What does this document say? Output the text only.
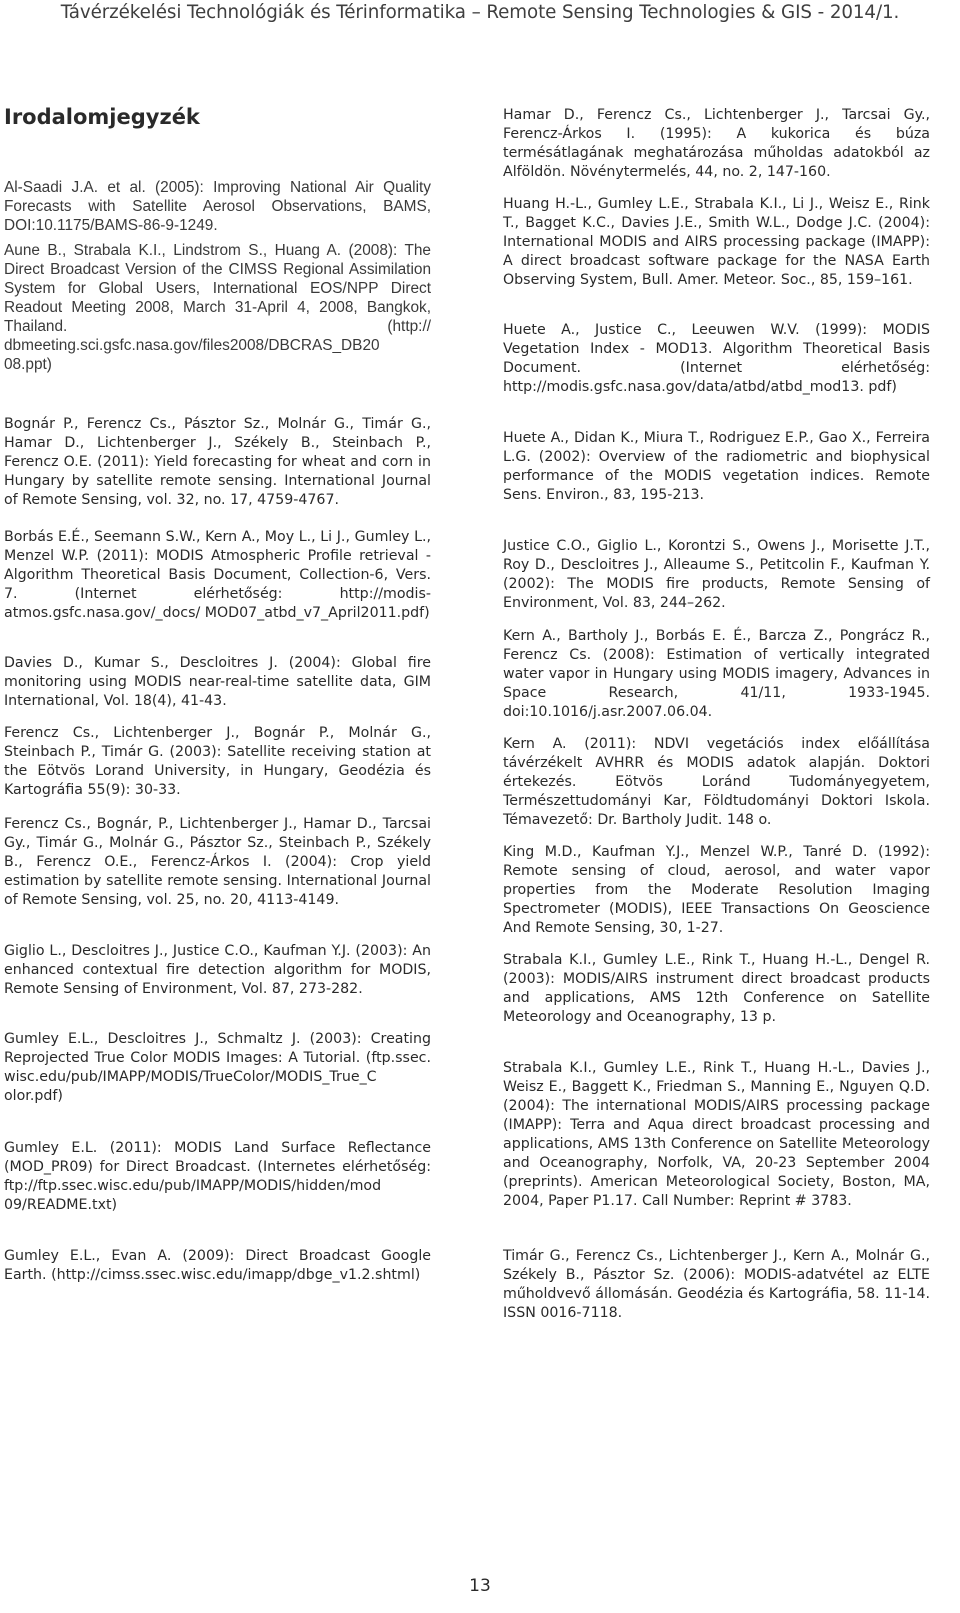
Távérzékelési Technológiák és Térinformatika – Remote Sensing Technologies & GIS - 2014/1.
Irodalomjegyzék

Al-Saadi J.A. et al. (2005): Improving National Air Quality Forecasts with Satellite Aerosol Observations, BAMS, DOI:10.1175/BAMS-86-9-1249.

Aune B., Strabala K.I., Lindstrom S., Huang A. (2008): The Direct Broadcast Version of the CIMSS Regional Assimilation System for Global Users, International EOS/NPP Direct Readout Meeting 2008, March 31-April 4, 2008, Bangkok, Thailand. (http:// dbmeeting.sci.gsfc.nasa.gov/files2008/DBCRAS_DB20 08.ppt)

Bognár P., Ferencz Cs., Pásztor Sz., Molnár G., Timár G., Hamar D., Lichtenberger J., Székely B., Steinbach P., Ferencz O.E. (2011): Yield forecasting for wheat and corn in Hungary by satellite remote sensing. International Journal of Remote Sensing, vol. 32, no. 17, 4759-4767.

Borbás E.É., Seemann S.W., Kern A., Moy L., Li J., Gumley L., Menzel W.P. (2011): MODIS Atmospheric Profile retrieval - Algorithm Theoretical Basis Document, Collection-6, Vers. 7. (Internet elérhetőség: http://modis-atmos.gsfc.nasa.gov/_docs/ MOD07_atbd_v7_April2011.pdf)

Davies D., Kumar S., Descloitres J. (2004): Global fire monitoring using MODIS near-real-time satellite data, GIM International, Vol. 18(4), 41-43.

Ferencz Cs., Lichtenberger J., Bognár P., Molnár G., Steinbach P., Timár G. (2003): Satellite receiving station at the Eötvös Lorand University, in Hungary, Geodézia és Kartográfia 55(9): 30-33.

Ferencz Cs., Bognár, P., Lichtenberger J., Hamar D., Tarcsai Gy., Timár G., Molnár G., Pásztor Sz., Steinbach P., Székely B., Ferencz O.E., Ferencz-Árkos I. (2004): Crop yield estimation by satellite remote sensing. International Journal of Remote Sensing, vol. 25, no. 20, 4113-4149.

Giglio L., Descloitres J., Justice C.O., Kaufman Y.J. (2003): An enhanced contextual fire detection algorithm for MODIS, Remote Sensing of Environment, Vol. 87, 273-282.

Gumley E.L., Descloitres J., Schmaltz J. (2003): Creating Reprojected True Color MODIS Images: A Tutorial. (ftp.ssec. wisc.edu/pub/IMAPP/MODIS/TrueColor/MODIS_True_C olor.pdf)

Gumley E.L. (2011): MODIS Land Surface Reflectance (MOD_PR09) for Direct Broadcast. (Internetes elérhetőség: ftp://ftp.ssec.wisc.edu/pub/IMAPP/MODIS/hidden/mod 09/README.txt)

Gumley E.L., Evan A. (2009): Direct Broadcast Google Earth. (http://cimss.ssec.wisc.edu/imapp/dbge_v1.2.shtml)

Hamar D., Ferencz Cs., Lichtenberger J., Tarcsai Gy., Ferencz-Árkos I. (1995): A kukorica és búza termésátlagának meghatározása műholdas adatokból az Alföldön. Növénytermelés, 44, no. 2, 147-160.

Huang H.-L., Gumley L.E., Strabala K.I., Li J., Weisz E., Rink T., Bagget K.C., Davies J.E., Smith W.L., Dodge J.C. (2004): International MODIS and AIRS processing package (IMAPP): A direct broadcast software package for the NASA Earth Observing System, Bull. Amer. Meteor. Soc., 85, 159–161.

Huete A., Justice C., Leeuwen W.V. (1999): MODIS Vegetation Index - MOD13. Algorithm Theoretical Basis Document. (Internet elérhetőség: http://modis.gsfc.nasa.gov/data/atbd/atbd_mod13. pdf)

Huete A., Didan K., Miura T., Rodriguez E.P., Gao X., Ferreira L.G. (2002): Overview of the radiometric and biophysical performance of the MODIS vegetation indices. Remote Sens. Environ., 83, 195-213.

Justice C.O., Giglio L., Korontzi S., Owens J., Morisette J.T., Roy D., Descloitres J., Alleaume S., Petitcolin F., Kaufman Y. (2002): The MODIS fire products, Remote Sensing of Environment, Vol. 83, 244–262.

Kern A., Bartholy J., Borbás E. É., Barcza Z., Pongrácz R., Ferencz Cs. (2008): Estimation of vertically integrated water vapor in Hungary using MODIS imagery, Advances in Space Research, 41/11, 1933-1945. doi:10.1016/j.asr.2007.06.04.

Kern A. (2011): NDVI vegetációs index előállítása távérzékelt AVHRR és MODIS adatok alapján. Doktori értekezés. Eötvös Loránd Tudományegyetem, Természettudományi Kar, Földtudományi Doktori Iskola. Témavezető: Dr. Bartholy Judit. 148 o.

King M.D., Kaufman Y.J., Menzel W.P., Tanré D. (1992): Remote sensing of cloud, aerosol, and water vapor properties from the Moderate Resolution Imaging Spectrometer (MODIS), IEEE Transactions On Geoscience And Remote Sensing, 30, 1-27.

Strabala K.I., Gumley L.E., Rink T., Huang H.-L., Dengel R. (2003): MODIS/AIRS instrument direct broadcast products and applications, AMS 12th Conference on Satellite Meteorology and Oceanography, 13 p.

Strabala K.I., Gumley L.E., Rink T., Huang H.-L., Davies J., Weisz E., Baggett K., Friedman S., Manning E., Nguyen Q.D. (2004): The international MODIS/AIRS processing package (IMAPP): Terra and Aqua direct broadcast processing and applications, AMS 13th Conference on Satellite Meteorology and Oceanography, Norfolk, VA, 20-23 September 2004 (preprints). American Meteorological Society, Boston, MA, 2004, Paper P1.17. Call Number: Reprint # 3783.

Timár G., Ferencz Cs., Lichtenberger J., Kern A., Molnár G., Székely B., Pásztor Sz. (2006): MODIS-adatvétel az ELTE műholdvevő állomásán. Geodézia és Kartográfia, 58. 11-14. ISSN 0016-7118.

13
